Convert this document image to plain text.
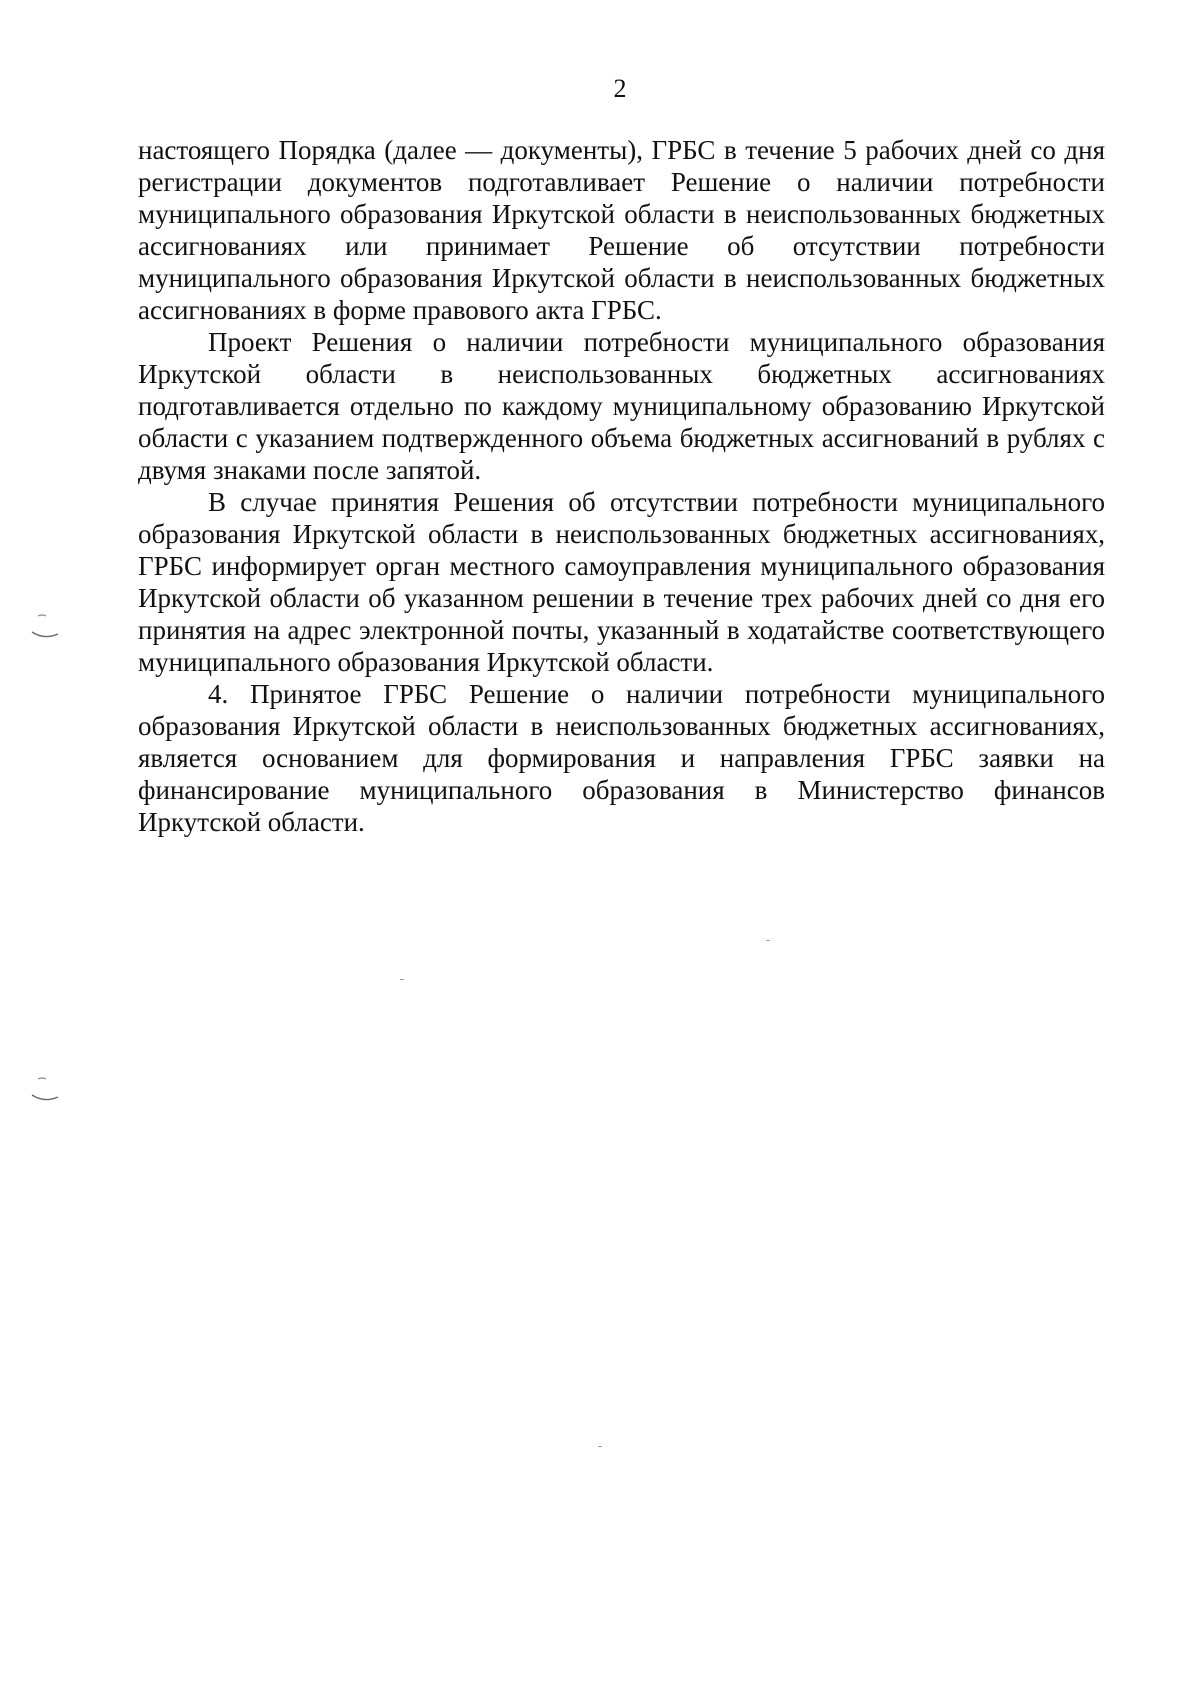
2

настоящего Порядка (далее — документы), ГРБС в течение 5 рабочих дней со дня регистрации документов подготавливает Решение о наличии потребности муниципального образования Иркутской области в неиспользованных бюджетных ассигнованиях или принимает Решение об отсутствии потребности муниципального образования Иркутской области в неиспользованных бюджетных ассигнованиях в форме правового акта ГРБС.

Проект Решения о наличии потребности муниципального образования Иркутской области в неиспользованных бюджетных ассигнованиях подготавливается отдельно по каждому муниципальному образованию Иркутской области с указанием подтвержденного объема бюджетных ассигнований в рублях с двумя знаками после запятой.

В случае принятия Решения об отсутствии потребности муниципального образования Иркутской области в неиспользованных бюджетных ассигнованиях, ГРБС информирует орган местного самоуправления муниципального образования Иркутской области об указанном решении в течение трех рабочих дней со дня его принятия на адрес электронной почты, указанный в ходатайстве соответствующего муниципального образования Иркутской области.

4. Принятое ГРБС Решение о наличии потребности муниципального образования Иркутской области в неиспользованных бюджетных ассигнованиях, является основанием для формирования и направления ГРБС заявки на финансирование муниципального образования в Министерство финансов Иркутской области.
